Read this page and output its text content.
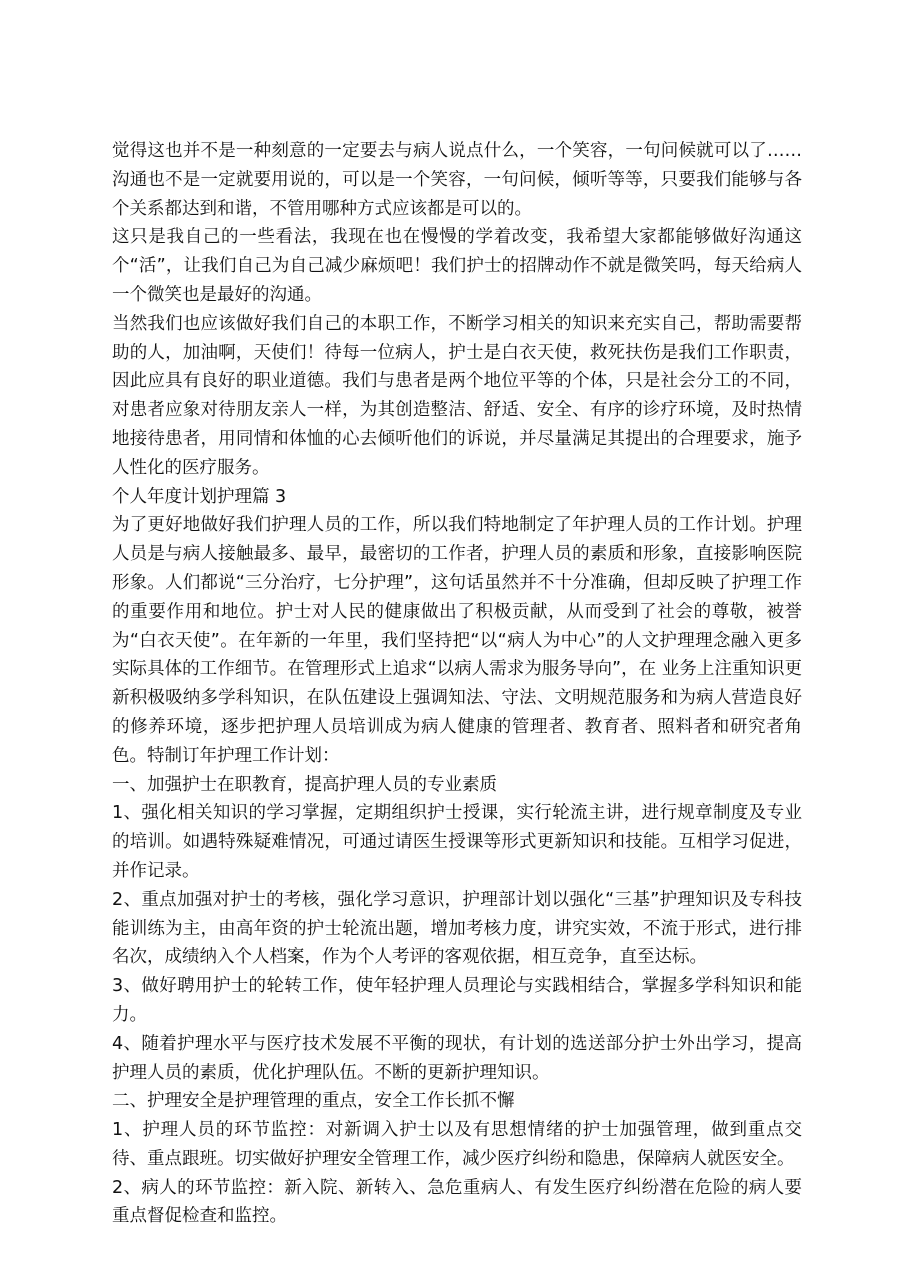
觉得这也并不是一种刻意的一定要去与病人说点什么，一个笑容，一句问候就可以了……沟通也不是一定就要用说的，可以是一个笑容，一句问候，倾听等等，只要我们能够与各个关系都达到和谐，不管用哪种方式应该都是可以的。

这只是我自己的一些看法，我现在也在慢慢的学着改变，我希望大家都能够做好沟通这个“活”，让我们自己为自己减少麻烦吧！我们护士的招牌动作不就是微笑吗，每天给病人一个微笑也是最好的沟通。

当然我们也应该做好我们自己的本职工作，不断学习相关的知识来充实自己，帮助需要帮助的人，加油啊，天使们！待每一位病人，护士是白衣天使，救死扶伤是我们工作职责，因此应具有良好的职业道德。我们与患者是两个地位平等的个体，只是社会分工的不同，对患者应象对待朋友亲人一样，为其创造整洁、舒适、安全、有序的诊疗环境，及时热情地接待患者，用同情和体恤的心去倾听他们的诉说，并尽量满足其提出的合理要求，施予人性化的医疗服务。

个人年度计划护理篇 3

为了更好地做好我们护理人员的工作，所以我们特地制定了年护理人员的工作计划。护理人员是与病人接触最多、最早，最密切的工作者，护理人员的素质和形象，直接影响医院形象。人们都说“三分治疗，七分护理”，这句话虽然并不十分准确，但却反映了护理工作的重要作用和地位。护士对人民的健康做出了积极贡献，从而受到了社会的尊敬，被誉为“白衣天使”。在年新的一年里，我们坚持把“以“病人为中心”的人文护理理念融入更多实际具体的工作细节。在管理形式上追求“以病人需求为服务导向”，在 业务上注重知识更新积极吸纳多学科知识，在队伍建设上强调知法、守法、文明规范服务和为病人营造良好的修养环境，逐步把护理人员培训成为病人健康的管理者、教育者、照料者和研究者角色。特制订年护理工作计划：

一、加强护士在职教育，提高护理人员的专业素质

1、强化相关知识的学习掌握，定期组织护士授课，实行轮流主讲，进行规章制度及专业的培训。如遇特殊疑难情况，可通过请医生授课等形式更新知识和技能。互相学习促进，并作记录。

2、重点加强对护士的考核，强化学习意识，护理部计划以强化“三基”护理知识及专科技能训练为主，由高年资的护士轮流出题，增加考核力度，讲究实效，不流于形式，进行排名次，成绩纳入个人档案，作为个人考评的客观依据，相互竞争，直至达标。

3、做好聘用护士的轮转工作，使年轻护理人员理论与实践相结合，掌握多学科知识和能力。

4、随着护理水平与医疗技术发展不平衡的现状，有计划的选送部分护士外出学习，提高护理人员的素质，优化护理队伍。不断的更新护理知识。

二、护理安全是护理管理的重点，安全工作长抓不懈

1、护理人员的环节监控：对新调入护士以及有思想情绪的护士加强管理，做到重点交待、重点跟班。切实做好护理安全管理工作，减少医疗纠纷和隐患，保障病人就医安全。

2、病人的环节监控：新入院、新转入、急危重病人、有发生医疗纠纷潜在危险的病人要重点督促检查和监控。
